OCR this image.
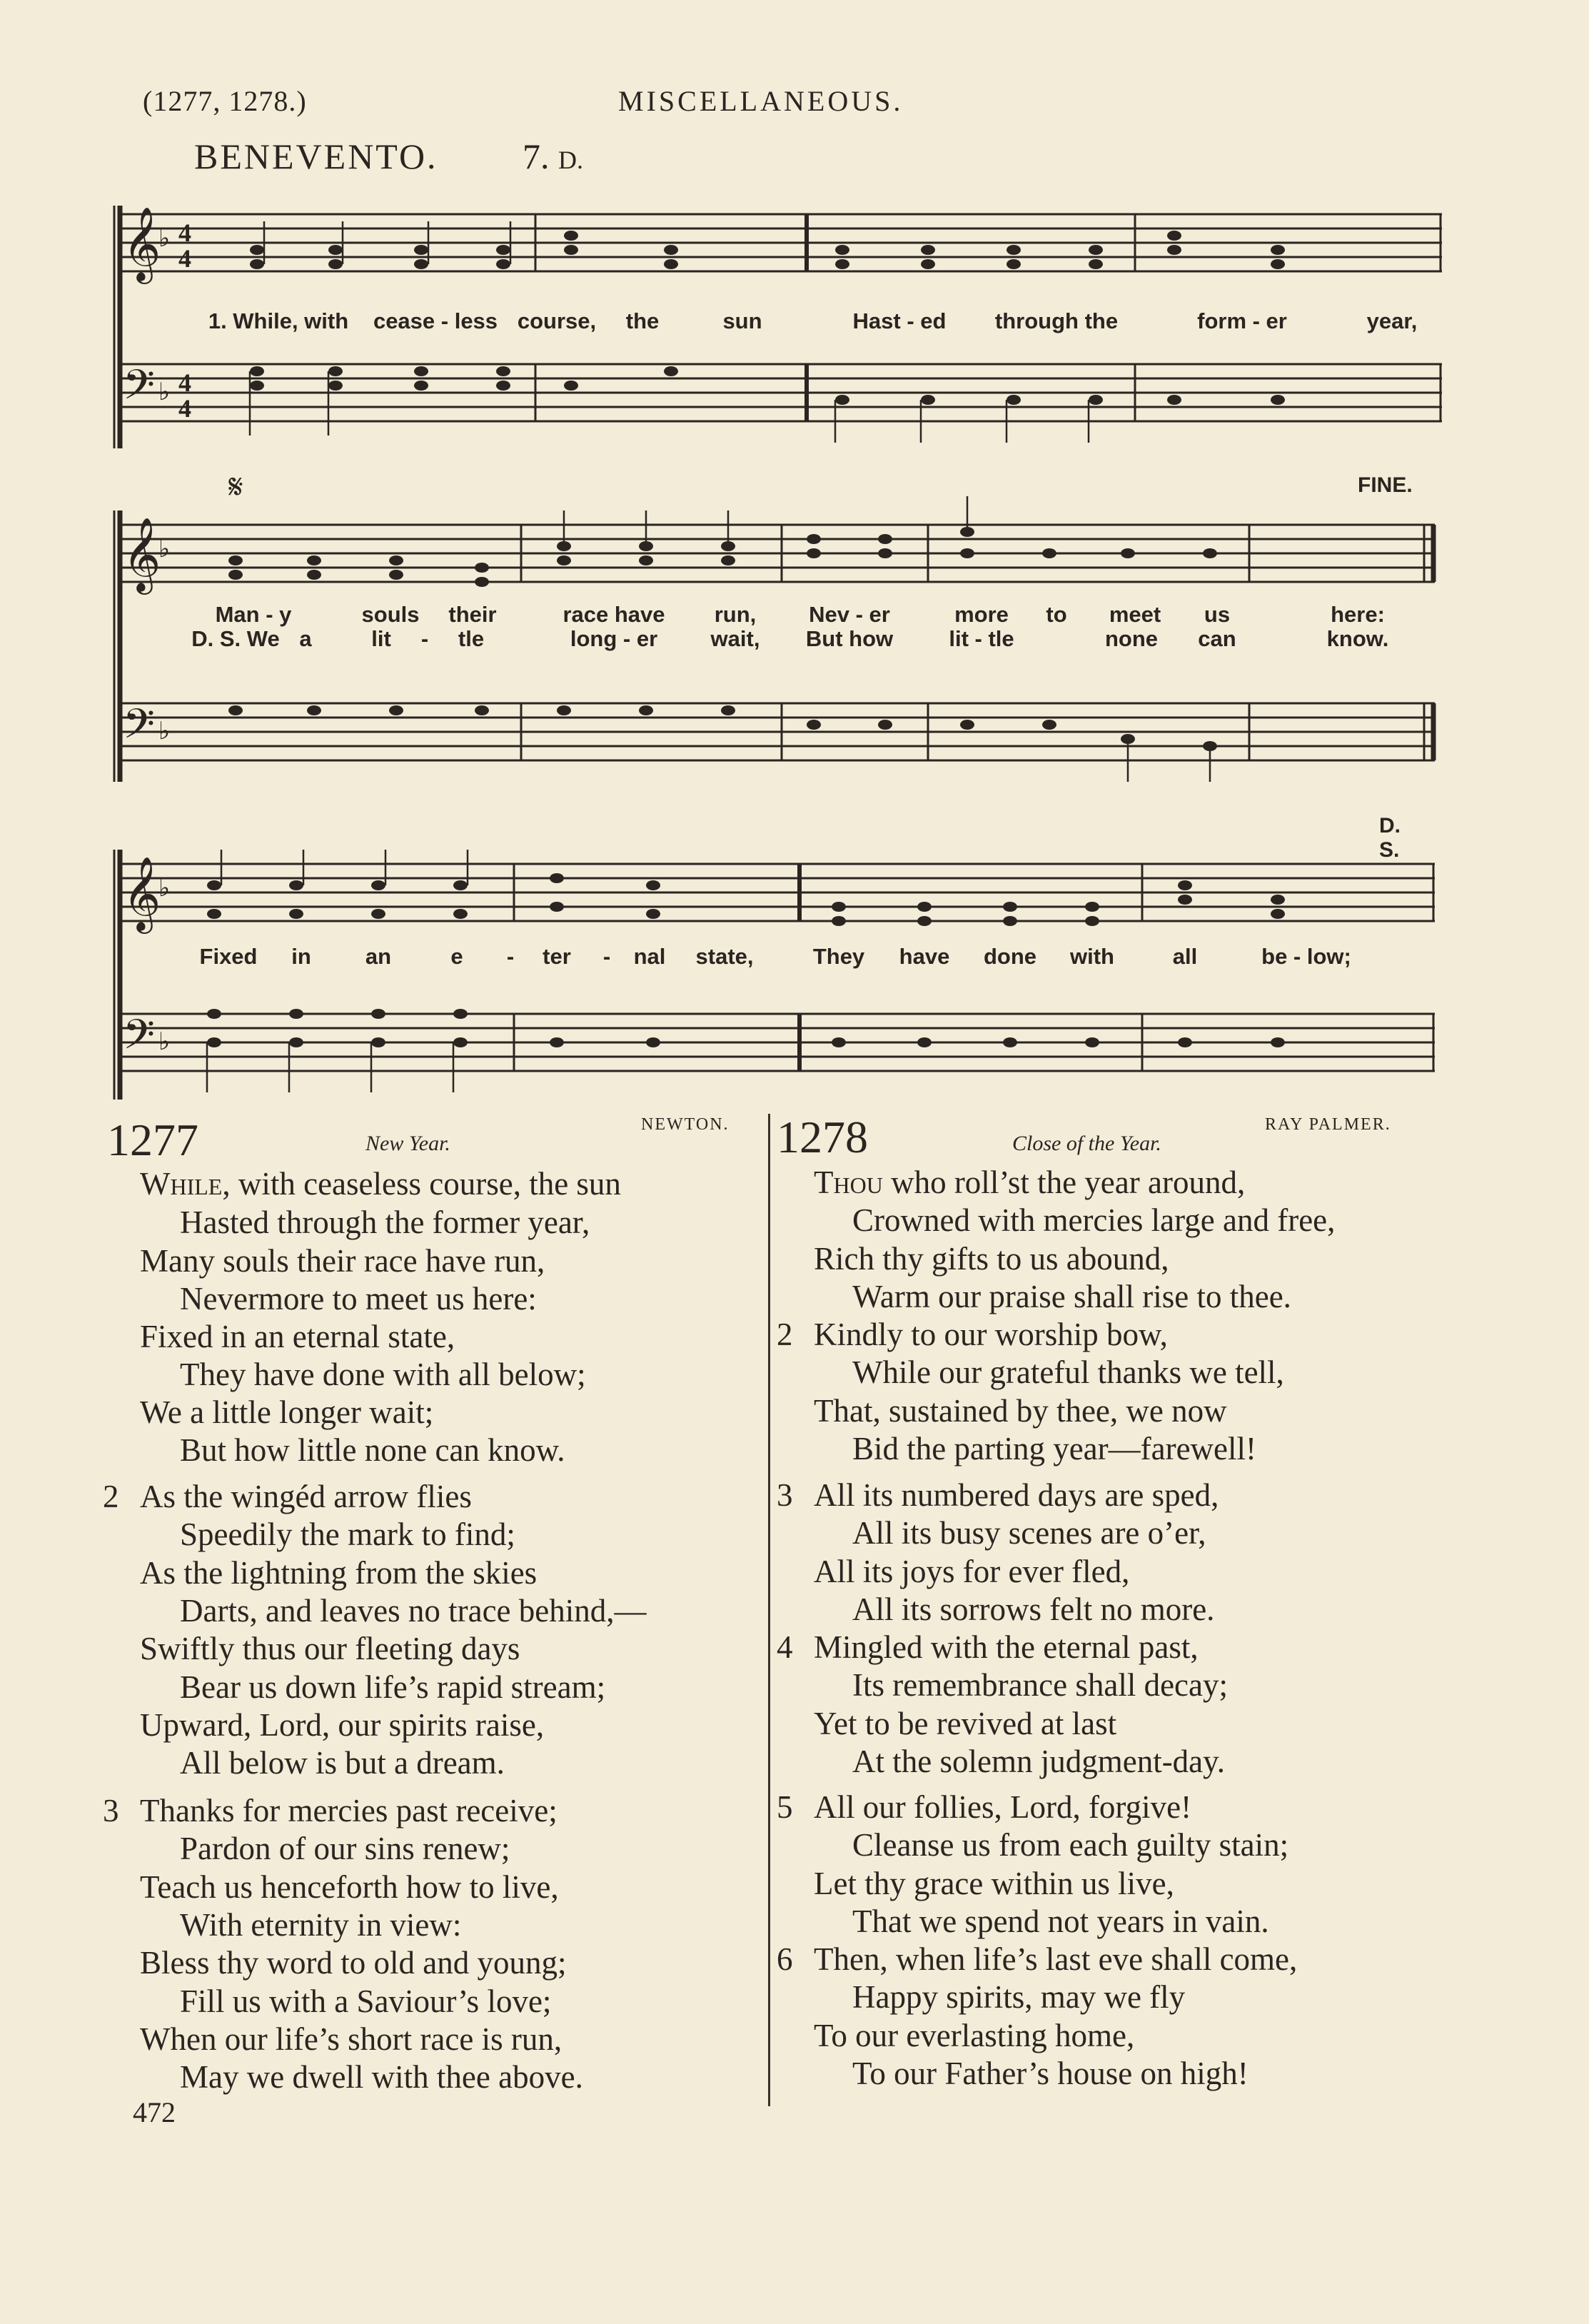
(1277, 1278.)	MISCELLANEOUS.
BENEVENTO. 7. D.
𝄞
𝄢
♭
♭
4
4
4
4
1. While, with cease - less course, the	sun	Hast - ed through the	form - er	year,
𝄋	FINE.
𝄞
𝄢
♭
♭
Man - y	souls their	race have run, Nev - er	more to meet us	here:
D. S. We a	lit - tle	long - er wait, But how	lit - tle	none can	know.
D. S.
𝄞
𝄢
♭
♭
Fixed in an	e - ter - nal state,	They have done with	all	be - low;
1277	New Year.
NEWTON.
While, with ceaseless course, the sun
Hasted through the former year,
Many souls their race have run,
Nevermore to meet us here:
Fixed in an eternal state,
They have done with all below;
We a little longer wait;
But how little none can know.
2 As the wingéd arrow flies
Speedily the mark to find;
As the lightning from the skies
Darts, and leaves no trace behind,—
Swiftly thus our fleeting days
Bear us down life’s rapid stream;
Upward, Lord, our spirits raise,
All below is but a dream.
3 Thanks for mercies past receive;
Pardon of our sins renew;
Teach us henceforth how to live,
With eternity in view:
Bless thy word to old and young;
Fill us with a Saviour’s love;
When our life’s short race is run,
May we dwell with thee above.
1278	Close of the Year.
RAY PALMER.
Thou who roll’st the year around,
Crowned with mercies large and free,
Rich thy gifts to us abound,
Warm our praise shall rise to thee.
2 Kindly to our worship bow,
While our grateful thanks we tell,
That, sustained by thee, we now
Bid the parting year—farewell!
3 All its numbered days are sped,
All its busy scenes are o’er,
All its joys for ever fled,
All its sorrows felt no more.
4 Mingled with the eternal past,
Its remembrance shall decay;
Yet to be revived at last
At the solemn judgment-day.
5 All our follies, Lord, forgive!
Cleanse us from each guilty stain;
Let thy grace within us live,
That we spend not years in vain.
6 Then, when life’s last eve shall come,
Happy spirits, may we fly
To our everlasting home,
To our Father’s house on high!
472
